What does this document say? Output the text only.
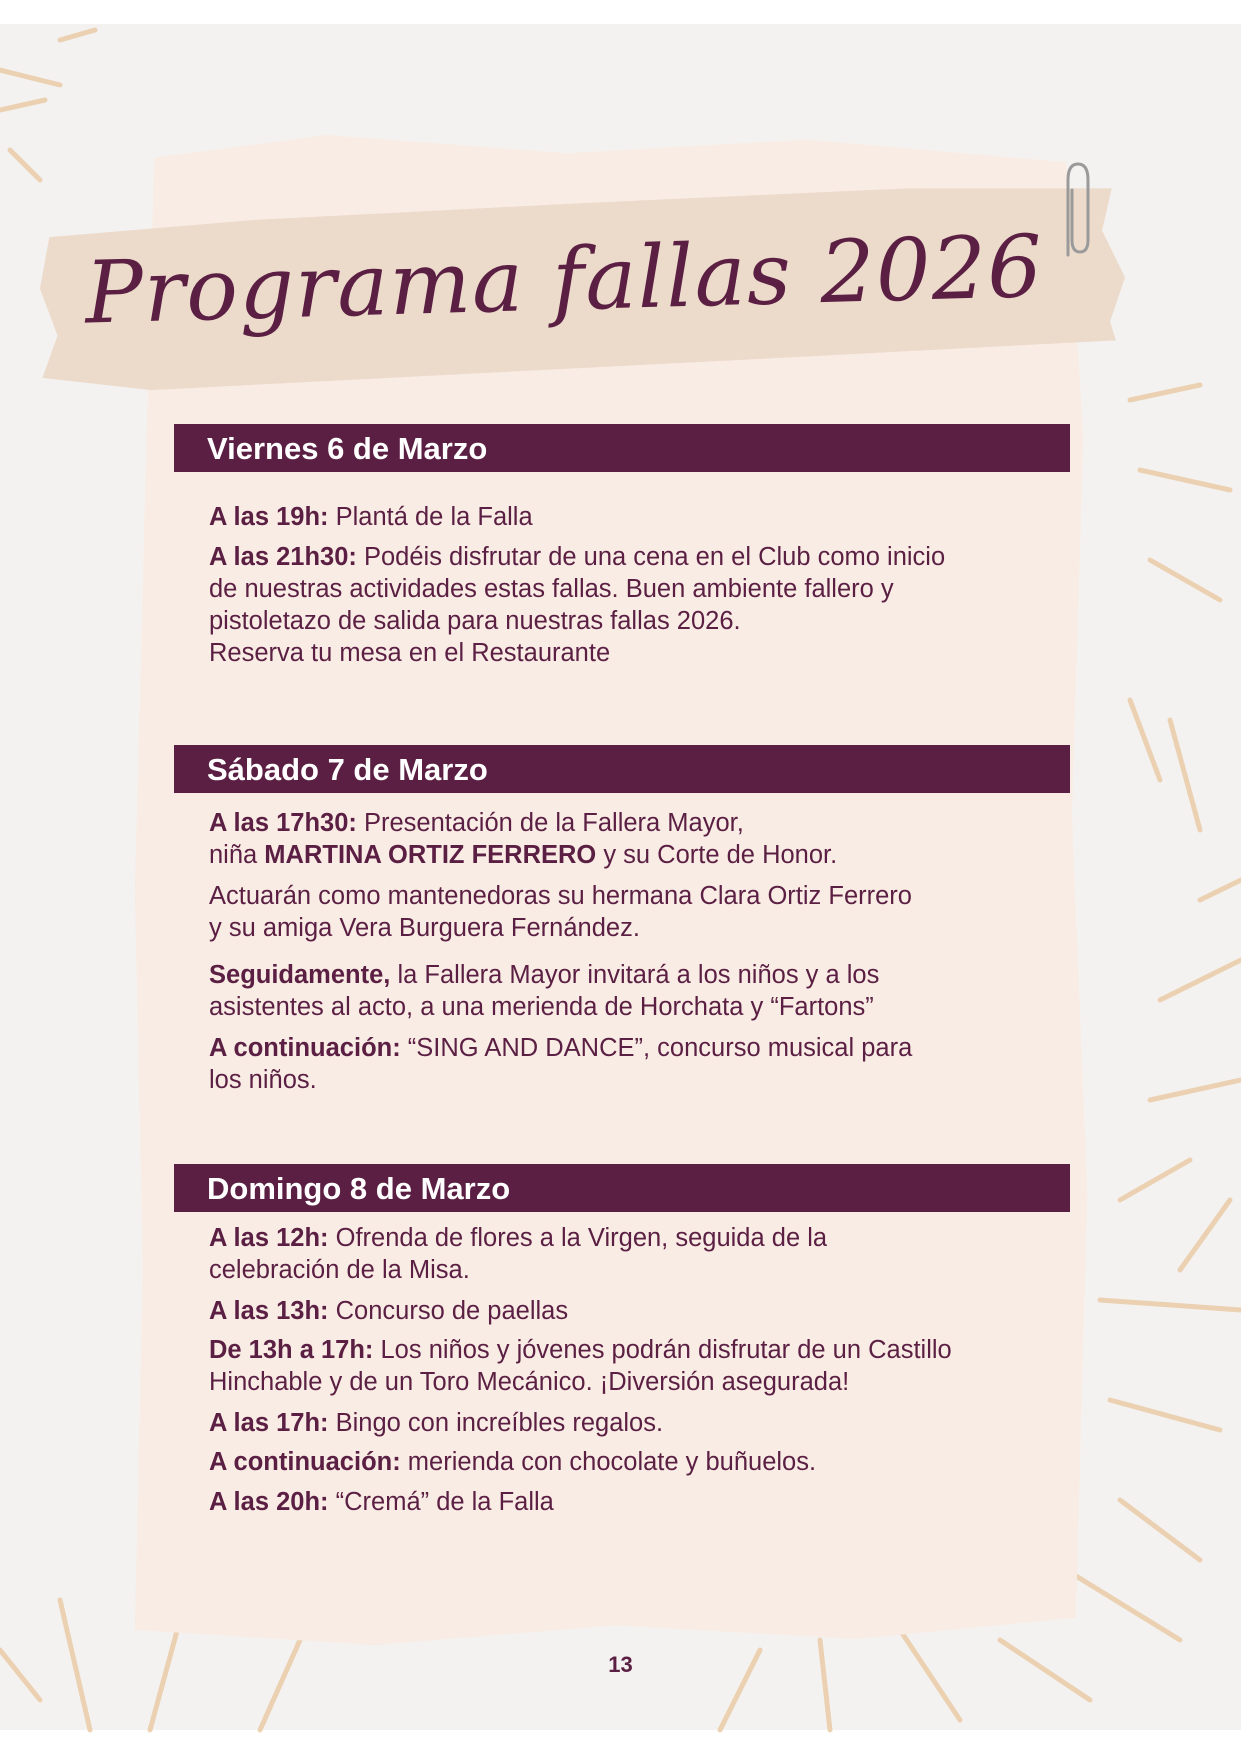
Programa fallas 2026
Viernes 6 de Marzo
A las 19h: Plantá de la Falla
A las 21h30: Podéis disfrutar de una cena en el Club como inicio
de nuestras actividades estas fallas. Buen ambiente fallero y
pistoletazo de salida para nuestras fallas 2026.
Reserva tu mesa en el Restaurante
Sábado 7 de Marzo
A las 17h30: Presentación de la Fallera Mayor,
niña MARTINA ORTIZ FERRERO y su Corte de Honor.
Actuarán como mantenedoras su hermana Clara Ortiz Ferrero
y su amiga Vera Burguera Fernández.
Seguidamente, la Fallera Mayor invitará a los niños y a los
asistentes al acto, a una merienda de Horchata y “Fartons”
A continuación: “SING AND DANCE”, concurso musical para
los niños.
Domingo 8 de Marzo
A las 12h: Ofrenda de flores a la Virgen, seguida de la
celebración de la Misa.
A las 13h: Concurso de paellas
De 13h a 17h: Los niños y jóvenes podrán disfrutar de un Castillo
Hinchable y de un Toro Mecánico. ¡Diversión asegurada!
A las 17h: Bingo con increíbles regalos.
A continuación: merienda con chocolate y buñuelos.
A las 20h: “Cremá” de la Falla
13
